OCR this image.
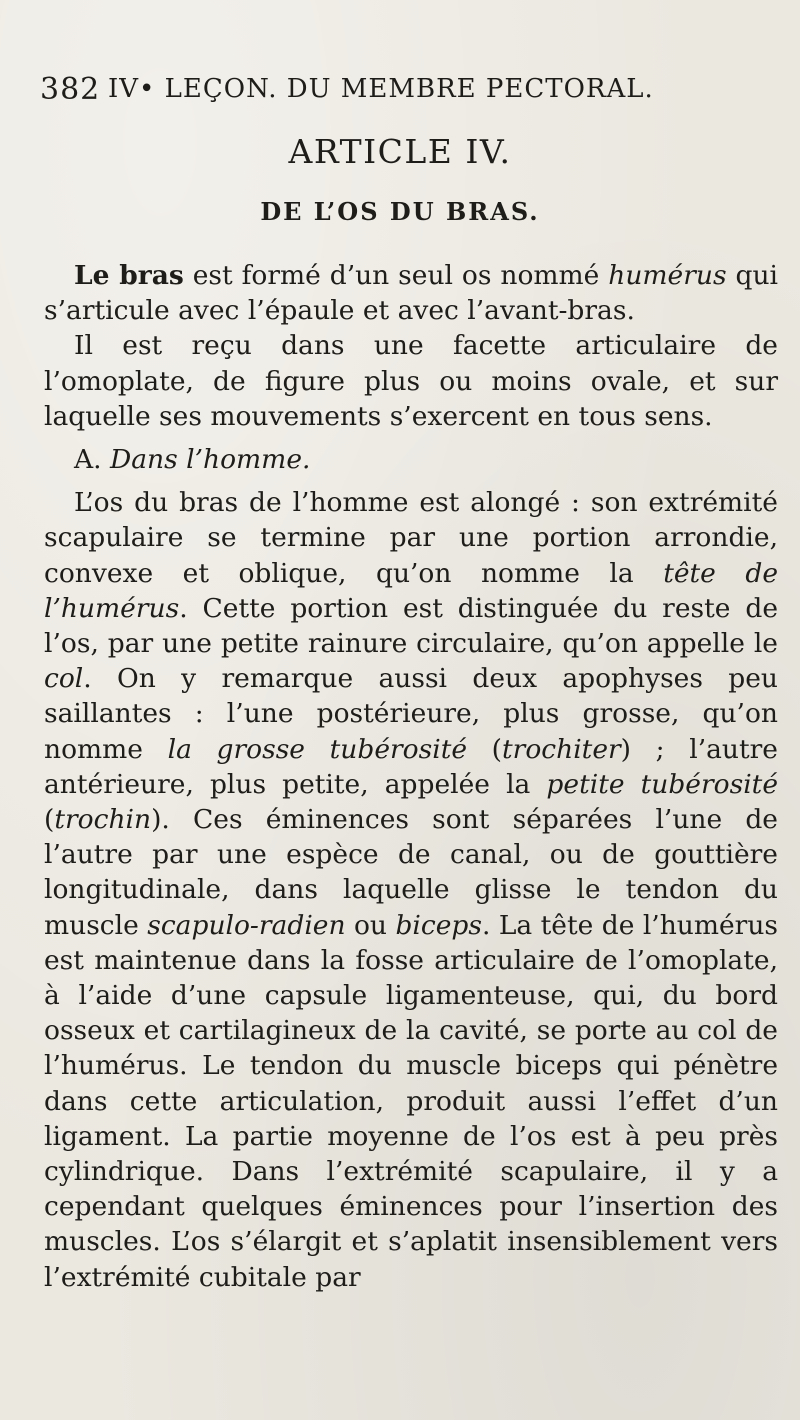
382 IV• LEÇON. DU MEMBRE PECTORAL.
ARTICLE IV.
DE L’OS DU BRAS.

Le bras est formé d’un seul os nommé humérus qui s’articule avec l’épaule et avec l’avant-bras.

Il est reçu dans une facette articulaire de l’omoplate, de figure plus ou moins ovale, et sur laquelle ses mouvements s’exercent en tous sens.

A. Dans l’homme.

L’os du bras de l’homme est alongé : son extrémité scapulaire se termine par une portion arrondie, convexe et oblique, qu’on nomme la tête de l’humérus. Cette portion est distinguée du reste de l’os, par une petite rainure circulaire, qu’on appelle le col. On y remarque aussi deux apophyses peu saillantes : l’une postérieure, plus grosse, qu’on nomme la grosse tubérosité (trochiter) ; l’autre antérieure, plus petite, appelée la petite tubérosité (trochin). Ces éminences sont séparées l’une de l’autre par une espèce de canal, ou de gouttière longitudinale, dans laquelle glisse le tendon du muscle scapulo-radien ou biceps. La tête de l’humérus est maintenue dans la fosse articulaire de l’omoplate, à l’aide d’une capsule ligamenteuse, qui, du bord osseux et cartilagineux de la cavité, se porte au col de l’humérus. Le tendon du muscle biceps qui pénètre dans cette articulation, produit aussi l’effet d’un ligament. La partie moyenne de l’os est à peu près cylindrique. Dans l’extrémité scapulaire, il y a cependant quelques éminences pour l’insertion des muscles. L’os s’élargit et s’aplatit insensiblement vers l’extrémité cubitale par
